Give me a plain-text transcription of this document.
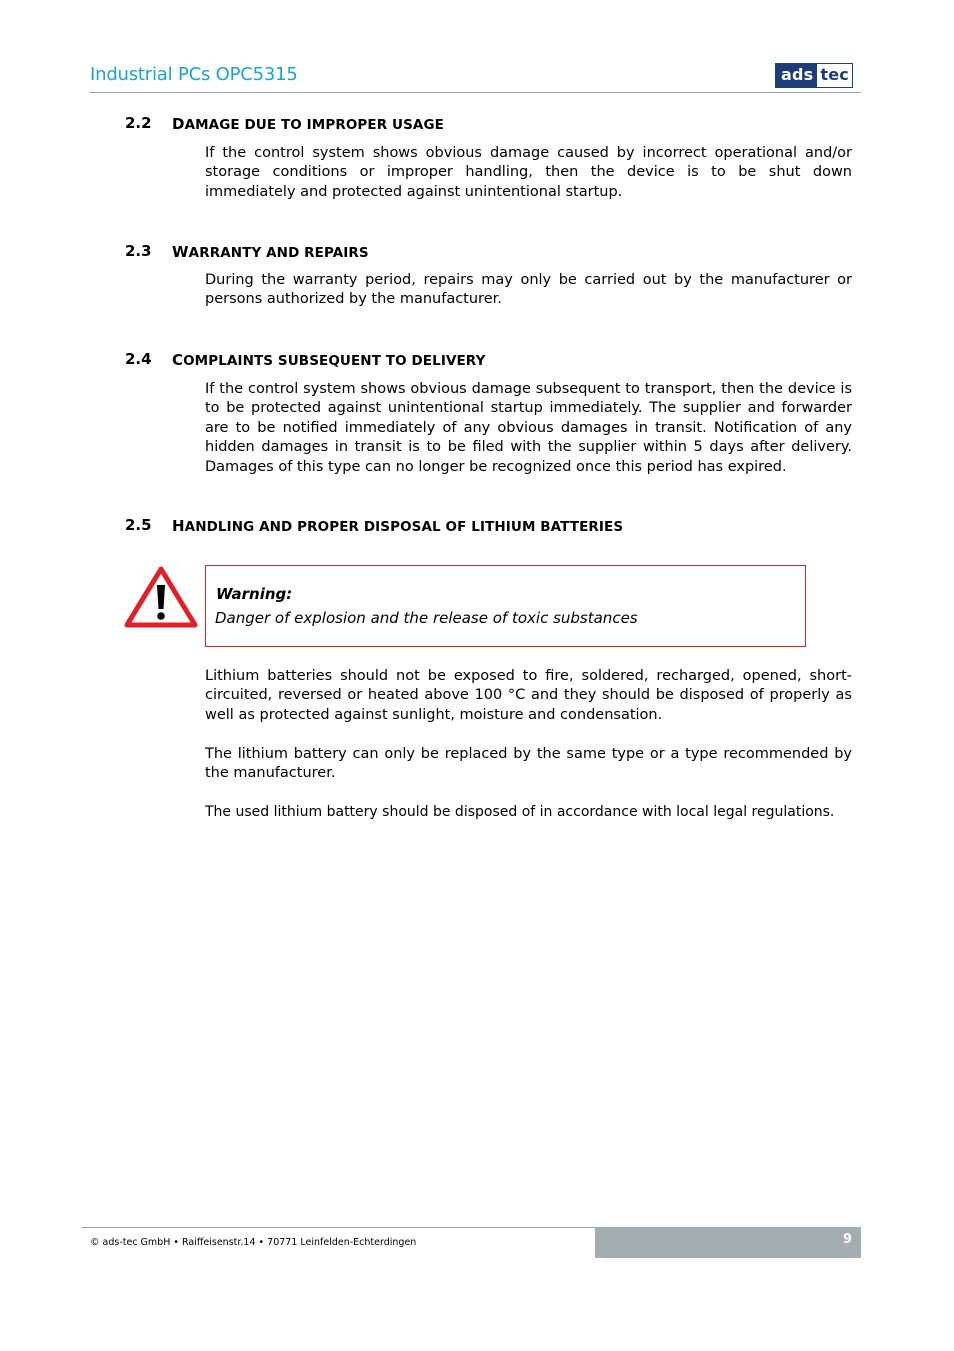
Industrial PCs OPC5315	ads tec
2.2 DAMAGE DUE TO IMPROPER USAGE

If the control system shows obvious damage caused by incorrect operational and/or storage conditions or improper handling, then the device is to be shut down immediately and protected against unintentional startup.

2.3 WARRANTY AND REPAIRS

During the warranty period, repairs may only be carried out by the manufacturer or persons authorized by the manufacturer.

2.4 COMPLAINTS SUBSEQUENT TO DELIVERY

If the control system shows obvious damage subsequent to transport, then the device is to be protected against unintentional startup immediately. The supplier and forwarder are to be notified immediately of any obvious damages in transit. Notification of any hidden damages in transit is to be filed with the supplier within 5 days after delivery. Damages of this type can no longer be recognized once this period has expired.

2.5 HANDLING AND PROPER DISPOSAL OF LITHIUM BATTERIES
Warning:
Danger of explosion and the release of toxic substances

Lithium batteries should not be exposed to fire, soldered, recharged, opened, short-circuited, reversed or heated above 100 °C and they should be disposed of properly as well as protected against sunlight, moisture and condensation.

The lithium battery can only be replaced by the same type or a type recommended by the manufacturer.

The used lithium battery should be disposed of in accordance with local legal regulations.

© ads-tec GmbH • Raiffeisenstr.14 • 70771 Leinfelden-Echterdingen	9
